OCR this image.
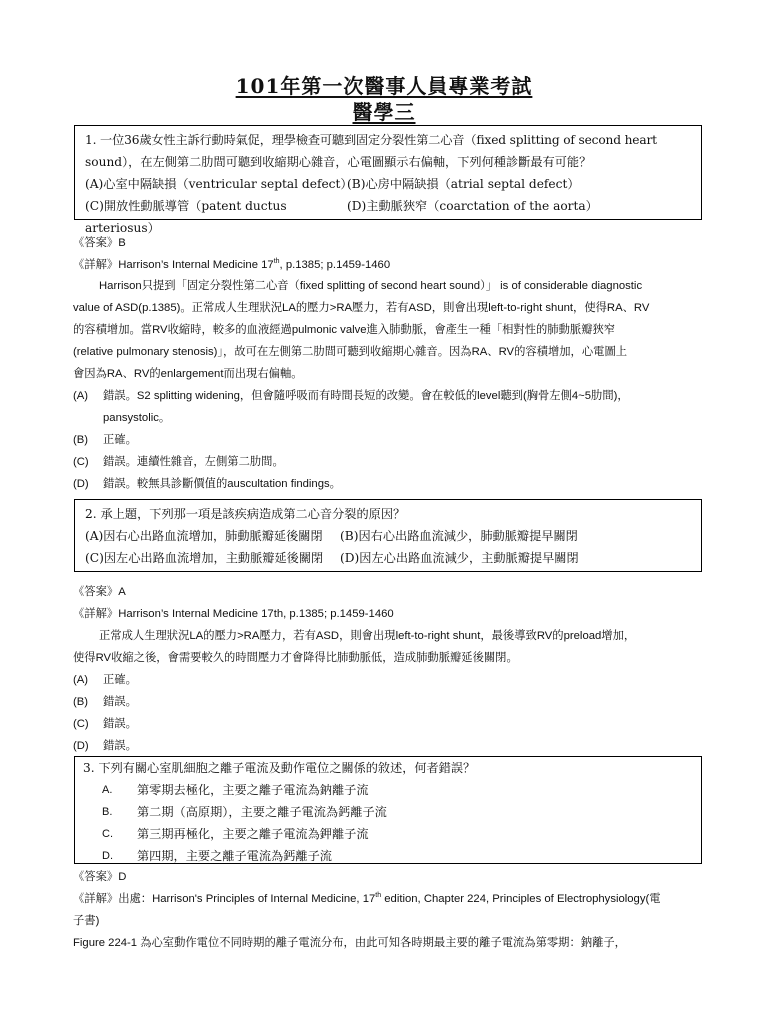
101年第一次醫事人員專業考試
醫學三
1. 一位36歲女性主訴行動時氣促，理學檢查可聽到固定分裂性第二心音（fixed splitting of second heart
sound），在左側第二肋間可聽到收縮期心雜音，心電圖顯示右偏軸，下列何種診斷最有可能？
(A)心室中隔缺損（ventricular septal defect）
(B)心房中隔缺損（atrial septal defect）
(C)開放性動脈導管（patent ductus arteriosus）
(D)主動脈狹窄（coarctation of the aorta）
《答案》B
《詳解》Harrison’s Internal Medicine 17th, p.1385; p.1459-1460
Harrison只提到「固定分裂性第二心音（fixed splitting of second heart sound）」 is of considerable diagnostic
value of ASD(p.1385)。正常成人生理狀況LA的壓力>RA壓力，若有ASD，則會出現left-to-right shunt，使得RA、RV
的容積增加。當RV收縮時，較多的血液經過pulmonic valve進入肺動脈，會產生一種「相對性的肺動脈瓣狹窄
(relative pulmonary stenosis)」，故可在左側第二肋間可聽到收縮期心雜音。因為RA、RV的容積增加，心電圖上
會因為RA、RV的enlargement而出現右偏軸。
(A) 錯誤。S2 splitting widening，但會隨呼吸而有時間長短的改變。會在較低的level聽到(胸骨左側4~5肋間)，
pansystolic。
(B) 正確。
(C) 錯誤。連續性雜音，左側第二肋間。
(D) 錯誤。較無具診斷價值的auscultation findings。
2. 承上題，下列那一項是該疾病造成第二心音分裂的原因？
(A)因右心出路血流增加，肺動脈瓣延後關閉	(B)因右心出路血流減少，肺動脈瓣提早關閉
(C)因左心出路血流增加，主動脈瓣延後關閉	(D)因左心出路血流減少，主動脈瓣提早關閉
《答案》A
《詳解》Harrison’s Internal Medicine 17th, p.1385; p.1459-1460
正常成人生理狀況LA的壓力>RA壓力，若有ASD，則會出現left-to-right shunt，最後導致RV的preload增加，
使得RV收縮之後，會需要較久的時間壓力才會降得比肺動脈低，造成肺動脈瓣延後關閉。
(A) 正確。
(B) 錯誤。
(C) 錯誤。
(D) 錯誤。
3. 下列有關心室肌細胞之離子電流及動作電位之關係的敘述，何者錯誤？
A.	第零期去極化，主要之離子電流為鈉離子流
B.	第二期（高原期），主要之離子電流為鈣離子流
C.	第三期再極化，主要之離子電流為鉀離子流
D.	第四期，主要之離子電流為鈣離子流
《答案》D
《詳解》出處：Harrison's Principles of Internal Medicine, 17th edition, Chapter 224, Principles of Electrophysiology(電
子書)
Figure 224-1 為心室動作電位不同時期的離子電流分布，由此可知各時期最主要的離子電流為第零期：鈉離子，
